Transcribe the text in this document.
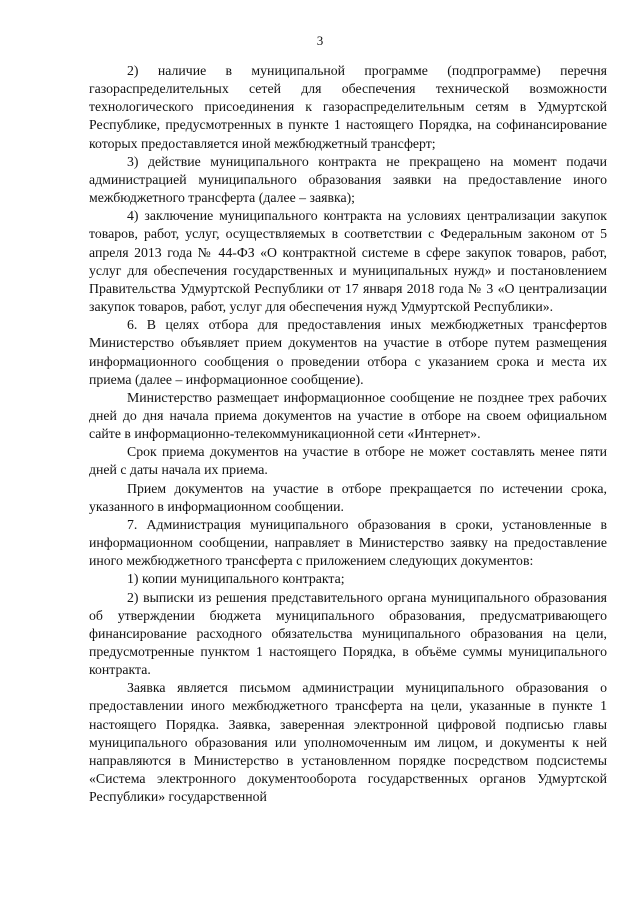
3

2) наличие в муниципальной программе (подпрограмме) перечня газораспределительных сетей для обеспечения технической возможности технологического присоединения к газораспределительным сетям в Удмуртской Республике, предусмотренных в пункте 1 настоящего Порядка, на софинансирование которых предоставляется иной межбюджетный трансферт;

3) действие муниципального контракта не прекращено на момент подачи администрацией муниципального образования заявки на предоставление иного межбюджетного трансферта (далее – заявка);

4) заключение муниципального контракта на условиях централизации закупок товаров, работ, услуг, осуществляемых в соответствии с Федеральным законом от 5 апреля 2013 года № 44-ФЗ «О контрактной системе в сфере закупок товаров, работ, услуг для обеспечения государственных и муниципальных нужд» и постановлением Правительства Удмуртской Республики от 17 января 2018 года № 3 «О централизации закупок товаров, работ, услуг для обеспечения нужд Удмуртской Республики».

6. В целях отбора для предоставления иных межбюджетных трансфертов Министерство объявляет прием документов на участие в отборе путем размещения информационного сообщения о проведении отбора с указанием срока и места их приема (далее – информационное сообщение).

Министерство размещает информационное сообщение не позднее трех рабочих дней до дня начала приема документов на участие в отборе на своем официальном сайте в информационно-телекоммуникационной сети «Интернет».

Срок приема документов на участие в отборе не может составлять менее пяти дней с даты начала их приема.

Прием документов на участие в отборе прекращается по истечении срока, указанного в информационном сообщении.

7. Администрация муниципального образования в сроки, установленные в информационном сообщении, направляет в Министерство заявку на предоставление иного межбюджетного трансферта с приложением следующих документов:

1) копии муниципального контракта;

2) выписки из решения представительного органа муниципального образования об утверждении бюджета муниципального образования, предусматривающего финансирование расходного обязательства муниципального образования на цели, предусмотренные пунктом 1 настоящего Порядка, в объёме суммы муниципального контракта.

Заявка является письмом администрации муниципального образования о предоставлении иного межбюджетного трансферта на цели, указанные в пункте 1 настоящего Порядка. Заявка, заверенная электронной цифровой подписью главы муниципального образования или уполномоченным им лицом, и документы к ней направляются в Министерство в установленном порядке посредством подсистемы «Система электронного документооборота государственных органов Удмуртской Республики» государственной
